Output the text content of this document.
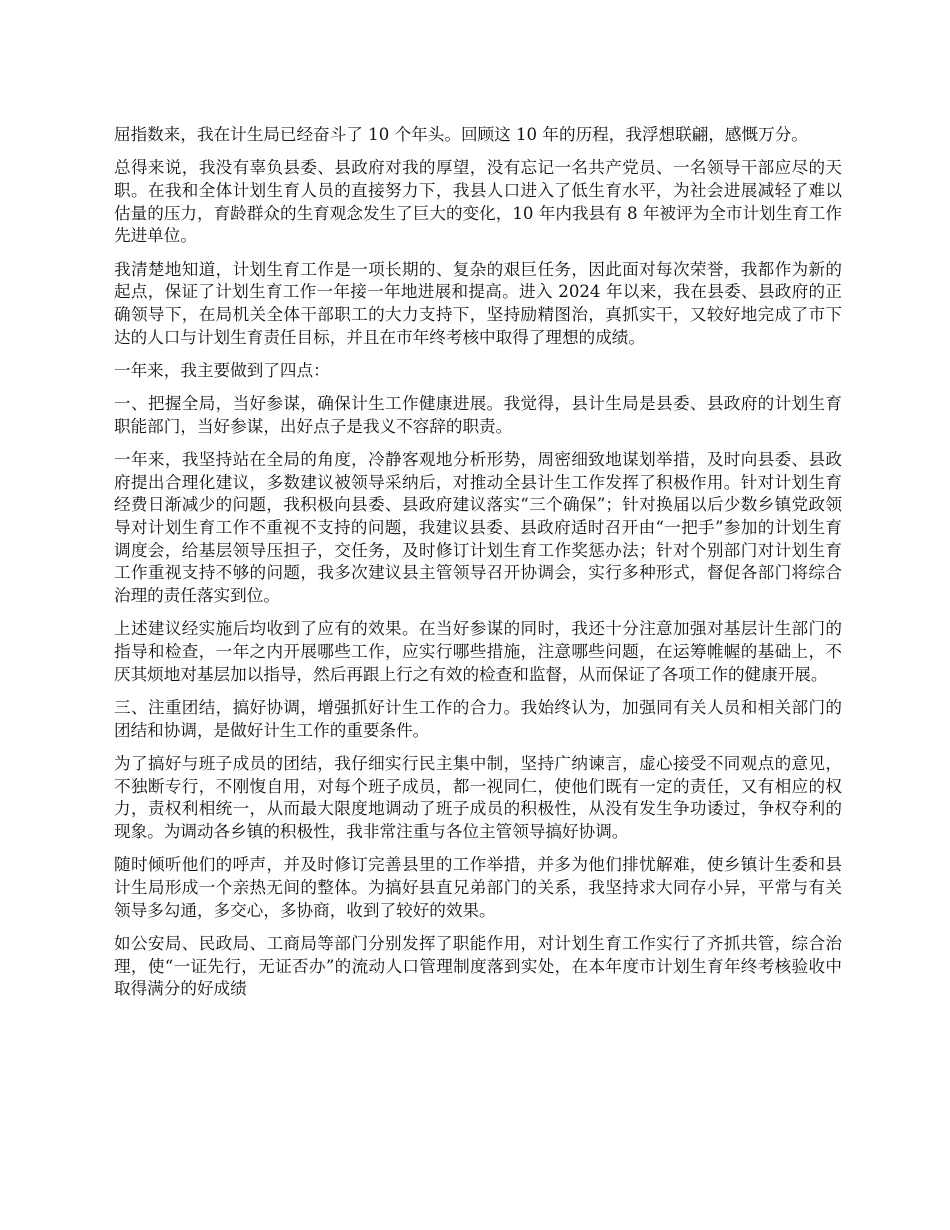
屈指数来，我在计生局已经奋斗了 10 个年头。回顾这 10 年的历程，我浮想联翩，感慨万分。

总得来说，我没有辜负县委、县政府对我的厚望，没有忘记一名共产党员、一名领导干部应尽的天职。在我和全体计划生育人员的直接努力下，我县人口进入了低生育水平，为社会进展减轻了难以估量的压力，育龄群众的生育观念发生了巨大的变化，10 年内我县有 8 年被评为全市计划生育工作先进单位。

我清楚地知道，计划生育工作是一项长期的、复杂的艰巨任务，因此面对每次荣誉，我都作为新的起点，保证了计划生育工作一年接一年地进展和提高。进入 2024 年以来，我在县委、县政府的正确领导下，在局机关全体干部职工的大力支持下，坚持励精图治，真抓实干，又较好地完成了市下达的人口与计划生育责任目标，并且在市年终考核中取得了理想的成绩。

一年来，我主要做到了四点：

一、把握全局，当好参谋，确保计生工作健康进展。我觉得，县计生局是县委、县政府的计划生育职能部门，当好参谋，出好点子是我义不容辞的职责。

一年来，我坚持站在全局的角度，冷静客观地分析形势，周密细致地谋划举措，及时向县委、县政府提出合理化建议，多数建议被领导采纳后，对推动全县计生工作发挥了积极作用。针对计划生育经费日渐减少的问题，我积极向县委、县政府建议落实“三个确保”；针对换届以后少数乡镇党政领导对计划生育工作不重视不支持的问题，我建议县委、县政府适时召开由“一把手”参加的计划生育调度会，给基层领导压担子，交任务，及时修订计划生育工作奖惩办法；针对个别部门对计划生育工作重视支持不够的问题，我多次建议县主管领导召开协调会，实行多种形式，督促各部门将综合治理的责任落实到位。

上述建议经实施后均收到了应有的效果。在当好参谋的同时，我还十分注意加强对基层计生部门的指导和检查，一年之内开展哪些工作，应实行哪些措施，注意哪些问题，在运筹帷幄的基础上，不厌其烦地对基层加以指导，然后再跟上行之有效的检查和监督，从而保证了各项工作的健康开展。

三、注重团结，搞好协调，增强抓好计生工作的合力。我始终认为，加强同有关人员和相关部门的团结和协调，是做好计生工作的重要条件。

为了搞好与班子成员的团结，我仔细实行民主集中制，坚持广纳谏言，虚心接受不同观点的意见，不独断专行，不刚愎自用，对每个班子成员，都一视同仁，使他们既有一定的责任，又有相应的权力，责权利相统一，从而最大限度地调动了班子成员的积极性，从没有发生争功诿过，争权夺利的现象。为调动各乡镇的积极性，我非常注重与各位主管领导搞好协调。

随时倾听他们的呼声，并及时修订完善县里的工作举措，并多为他们排忧解难，使乡镇计生委和县计生局形成一个亲热无间的整体。为搞好县直兄弟部门的关系，我坚持求大同存小异，平常与有关领导多勾通，多交心，多协商，收到了较好的效果。

如公安局、民政局、工商局等部门分别发挥了职能作用，对计划生育工作实行了齐抓共管，综合治理，使“一证先行，无证否办”的流动人口管理制度落到实处，在本年度市计划生育年终考核验收中取得满分的好成绩
